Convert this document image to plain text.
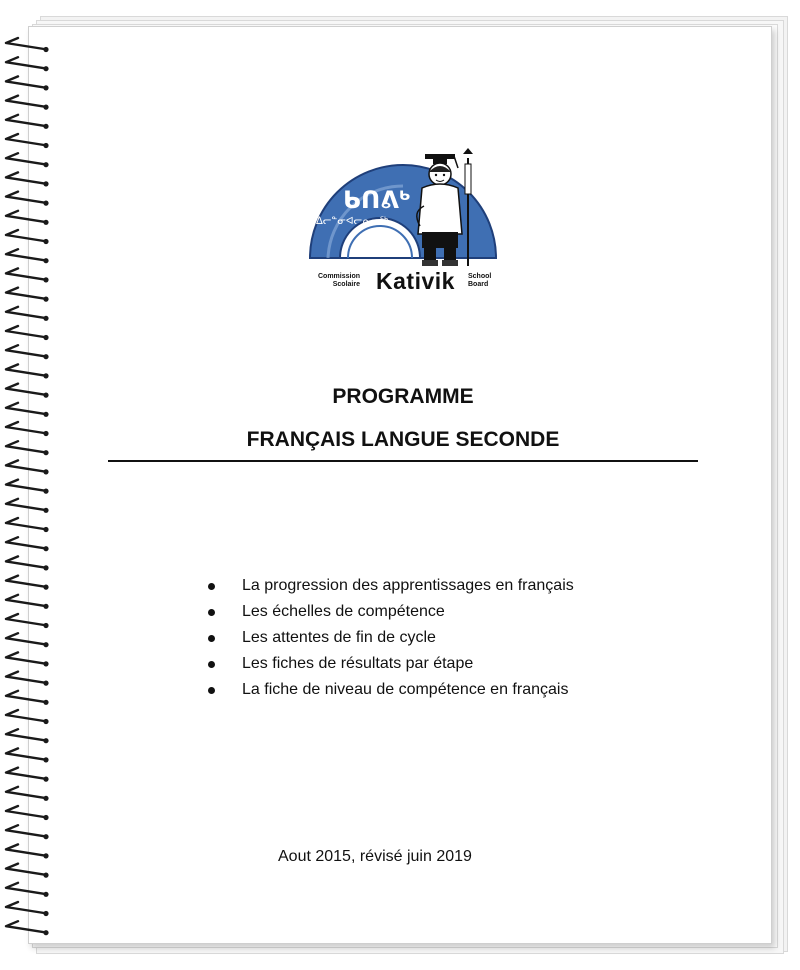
ᑲᑎᕕᒃ
ᐃᓕᓐᓂᐊᓕᕆᓂᖅ
Commission
Scolaire Kativik	School
Board
PROGRAMME
FRANÇAIS LANGUE SECONDE
La progression des apprentissages en français
Les échelles de compétence
Les attentes de fin de cycle
Les fiches de résultats par étape
La fiche de niveau de compétence en français
Aout 2015, révisé juin 2019
